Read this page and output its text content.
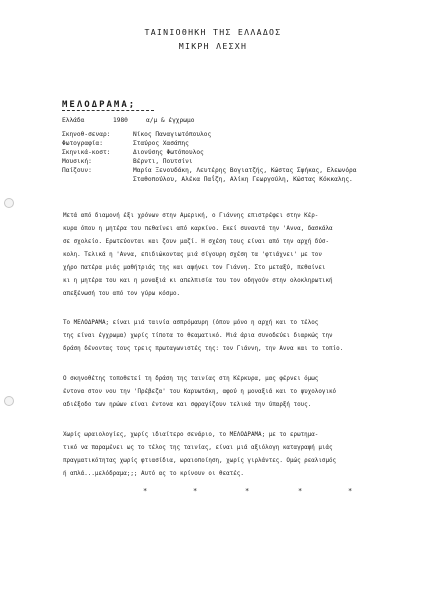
ΤΑΙΝΙΟΘΗΚΗ ΤΗΣ ΕΛΛΑΔΟΣ
ΜΙΚΡΗ ΛΕΣΧΗ
ΜΕΛΟΔΡΑΜΑ;
Ελλάδα	1980	α/μ & έγχρωμο
Σκηνοθ-σεναρ:	Νίκος Παναγιωτόπουλος
Φωτογραφία:	Σταύρος Χασάπης
Σκηνικά-κοστ:	Διονύσης Φωτόπουλος
Μουσική:	Βέρντι, Πουτσίνι
Παίζουν:	Μαρία Ξενουδάκη, Λευτέρης Βογιατζής, Κώστας Σφήκας, Ελεωνόρα
Σταθοπούλου, Αλέκα Παΐζη, Αλίκη Γεωργούλη, Κώστας Κόκκαλης.
Μετά από διαμονή έξι χρόνων στην Αμερική, ο Γιάννης επιστρέφει στην Κέρ-
κυρα όπου η μητέρα του πεθαίνει από καρκίνο. Εκεί συναντά την 'Αννα, δασκάλα
σε σχολείο. Ερωτεύονται και ζουν μαζί. Η σχέση τους είναι από την αρχή δύσ-
κολη. Τελικά η 'Αννα, επιδιώκοντας μιά σίγουρη σχέση τα 'φτιάχνει' με τον
χήρο πατέρα μιάς μαθήτριάς της και αφήνει τον Γιάννη. Στο μεταξύ, πεθαίνει
κι η μητέρα του και η μοναξιά κι απελπισία του τον οδηγούν στην ολοκληρωτική
απεξένωσή του από τον γύρω κόσμο.
Το ΜΕΛΟΔΡΑΜΑ; είναι μιά ταινία ασπρόμαυρη (όπου μόνο η αρχή και το τέλος
της είναι έγχρωμα) χωρίς τίποτα το θεαματικό. Μιά άρια συνοδεύει διαρκώς την
δράση δένοντας τους τρεις πρωταγωνιστές της: τον Γιάννη, την Αννα και το τοπίο.
Ο σκηνοθέτης τοποθετεί τη δράση της ταινίας στη Κέρκυρα, μας φέρνει όμως
έντονα στον νου την 'Πρέβεζα' του Καρυωτάκη, αφού η μοναξιά και το ψυχολογικό
αδιέξοδο των ηρώων είναι έντονα και σφραγίζουν τελικά την ύπαρξή τους.
Χωρίς ωραιολογίες, χωρίς ιδιαίτερο σενάριο, το ΜΕΛΟΔΡΑΜΑ; με το ερωτημα-
τικό να παραμένει ως το τέλος της ταινίας, είναι μιά αξιόλογη καταγραφή μιάς
πραγματικότητας χωρίς φτιασίδια, ωραιοποίηση, χωρίς γιρλάντες. Ομώς ρεαλισμός
ή απλά...μελόδραμα;;; Αυτό ας το κρίνουν οι θεατές.
*	*	*	*	*
